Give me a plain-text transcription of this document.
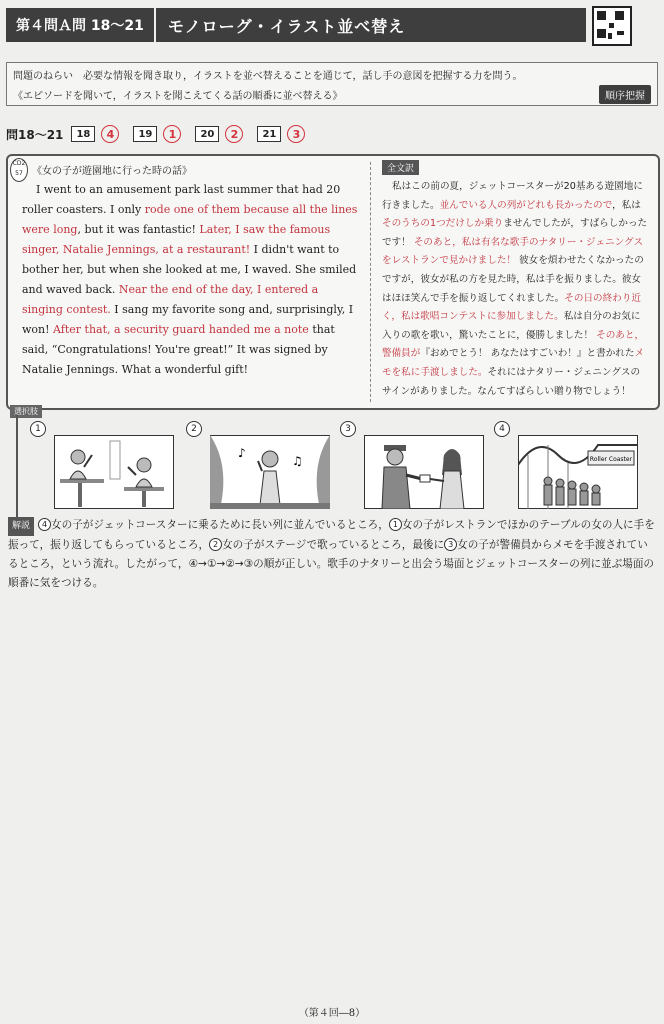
第４問Ａ問 18〜21	モノローグ・イラスト並べ替え
問題のねらい　必要な情報を聞き取り，イラストを並べ替えることを通じて，話し手の意図を把握する力を問う。
《エピソードを聞いて，イラストを聞こえてくる話の順番に並べ替える》	順序把握
問18〜21	18	4	19	1	20	2	21	3
CD2 57 《女の子が遊園地に行った時の話》
I went to an amusement park last summer that had 20 roller coasters. I only rode one of them because all the lines were long, but it was fantastic! Later, I saw the famous singer, Natalie Jennings, at a restaurant! I didn't want to bother her, but when she looked at me, I waved. She smiled and waved back. Near the end of the day, I entered a singing contest. I sang my favorite song and, surprisingly, I won! After that, a security guard handed me a note that said, “Congratulations! You're great!” It was signed by Natalie Jennings. What a wonderful gift!
全文訳
私はこの前の夏，ジェットコースターが20基ある遊園地に行きました。並んでいる人の列がどれも長かったので，私はそのうちの1つだけしか乗りませんでしたが，すばらしかったです！ そのあと，私は有名な歌手のナタリー・ジェニングスをレストランで見かけました！ 彼女を煩わせたくなかったのですが，彼女が私の方を見た時，私は手を振りました。彼女はほほ笑んで手を振り返してくれました。その日の終わり近く，私は歌唱コンテストに参加しました。私は自分のお気に入りの歌を歌い，驚いたことに，優勝しました！ そのあと，警備員が『おめでとう！ あなたはすごいわ！』と書かれたメモを私に手渡しました。それにはナタリー・ジェニングスのサインがありました。なんてすばらしい贈り物でしょう！
選択肢
1	2
♪
♫
3	4
Roller Coaster
解説 4 女の子がジェットコースターに乗るために長い列に並んでいるところ， 1 女の子がレストランでほかのテーブルの女の人に手を振って，振り返してもらっているところ， 2 女の子がステージで歌っているところ，最後に 3 女の子が警備員からメモを手渡されているところ，という流れ。したがって，④→①→②→③の順が正しい。歌手のナタリーと出会う場面とジェットコースターの列に並ぶ場面の順番に気をつける。
（第４回―8）
